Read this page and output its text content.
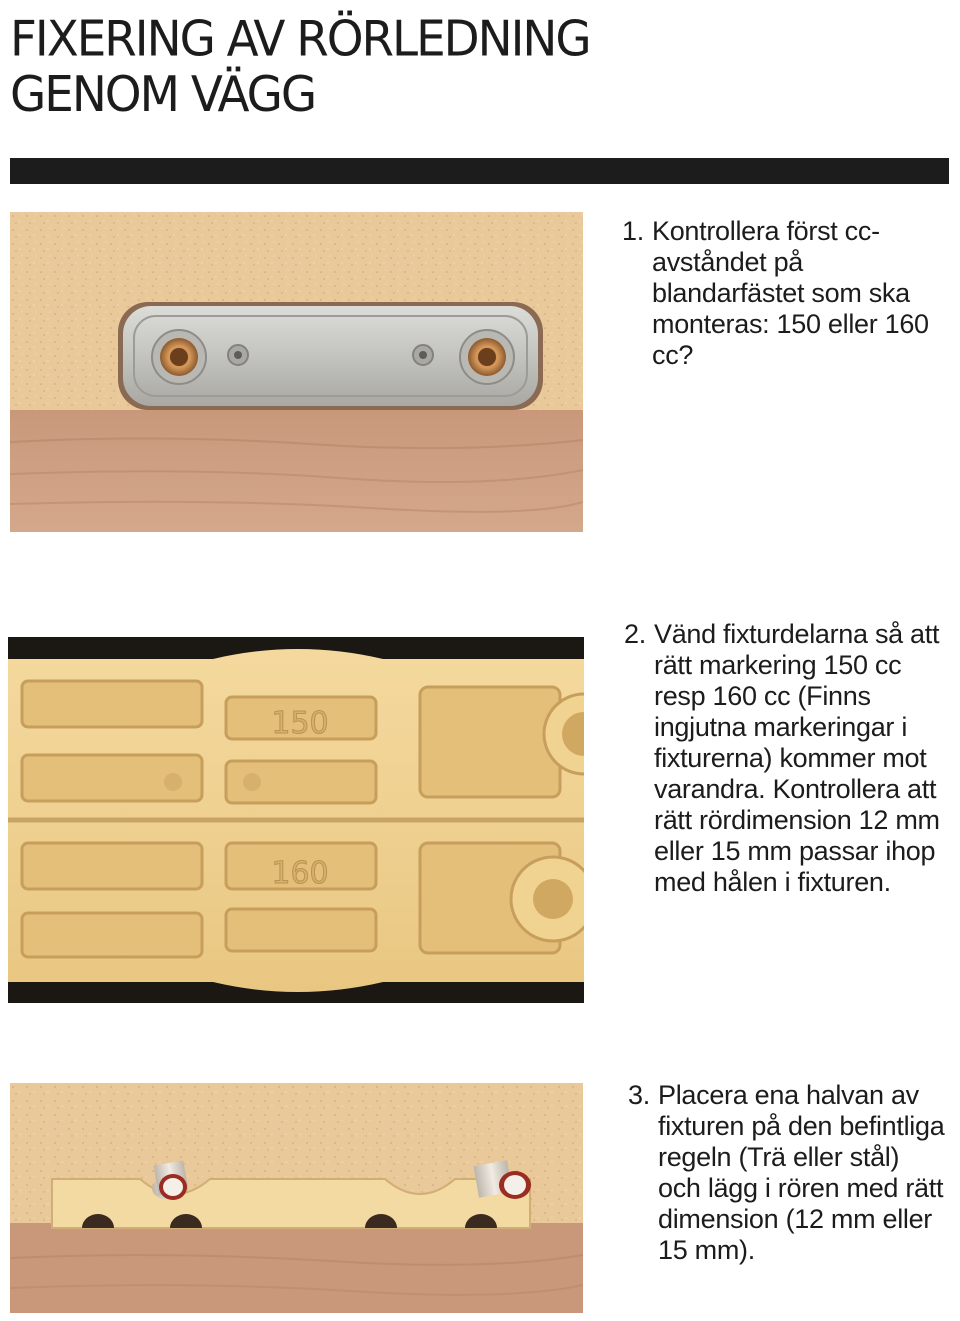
FIXERING AV RÖRLEDNING
GENOM VÄGG
1. Kontrollera först cc-avståndet på blandarfästet som ska monteras: 150 eller 160 cc?
150
160
2. Vänd fixturdelarna så att rätt markering 150 cc resp 160 cc (Finns ingjutna markeringar i fixturerna) kommer mot varandra. Kontrollera att rätt rördimension 12 mm eller 15 mm passar ihop med hålen i fixturen.
3. Placera ena halvan av fixturen på den befintliga regeln (Trä eller stål) och lägg i rören med rätt dimension (12 mm eller 15 mm).
